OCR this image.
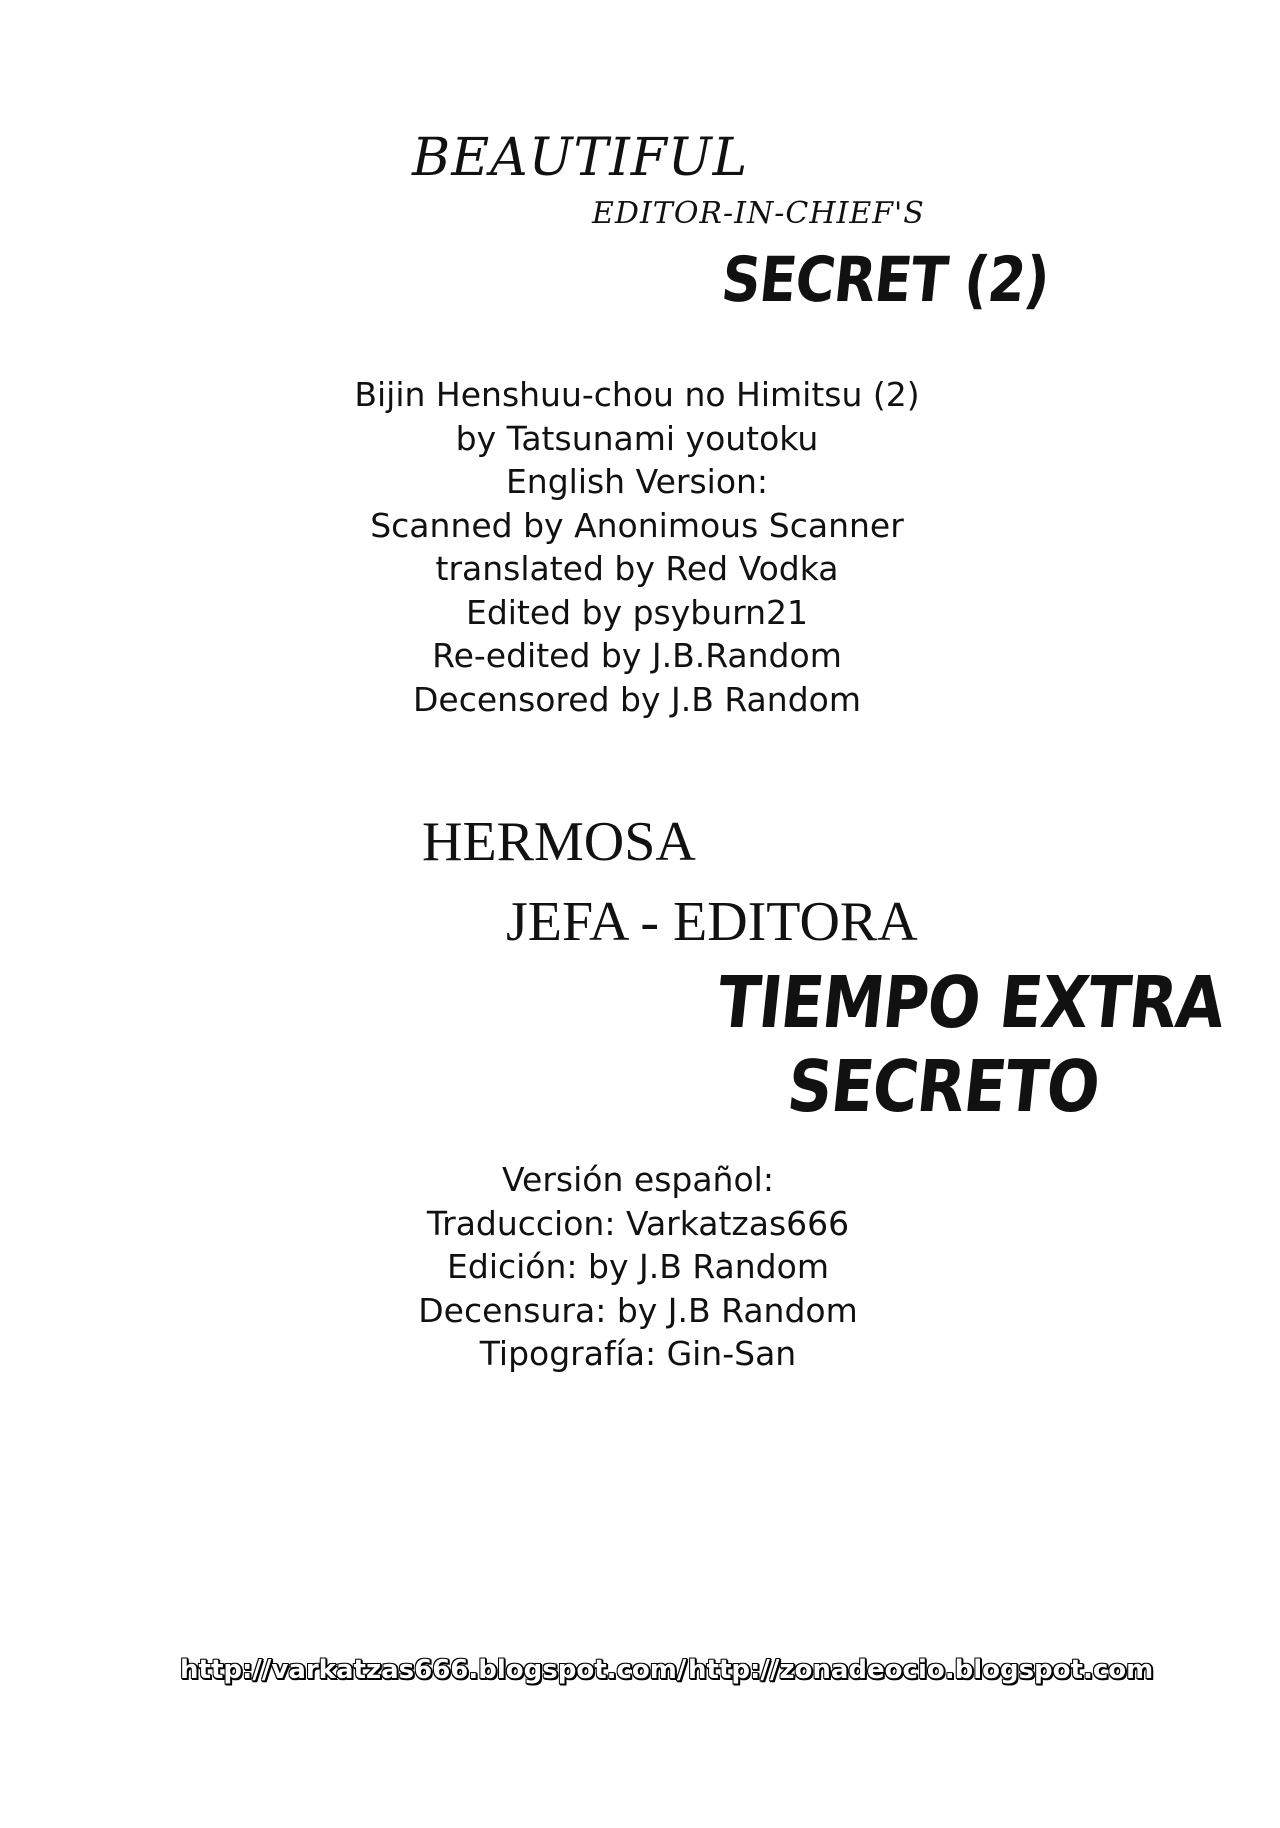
BEAUTIFUL
EDITOR-IN-CHIEF'S
SECRET (2)
Bijin Henshuu-chou no Himitsu (2)
by Tatsunami youtoku
English Version:
Scanned by Anonimous Scanner
translated by Red Vodka
Edited by psyburn21
Re-edited by J.B.Random
Decensored by J.B Random
HERMOSA
JEFA - EDITORA
TIEMPO EXTRA
SECRETO
Versión español:
Traduccion: Varkatzas666
Edición: by J.B Random
Decensura: by J.B Random
Tipografía: Gin-San
http://varkatzas666.blogspot.com/ http://zonadeocio.blogspot.com
